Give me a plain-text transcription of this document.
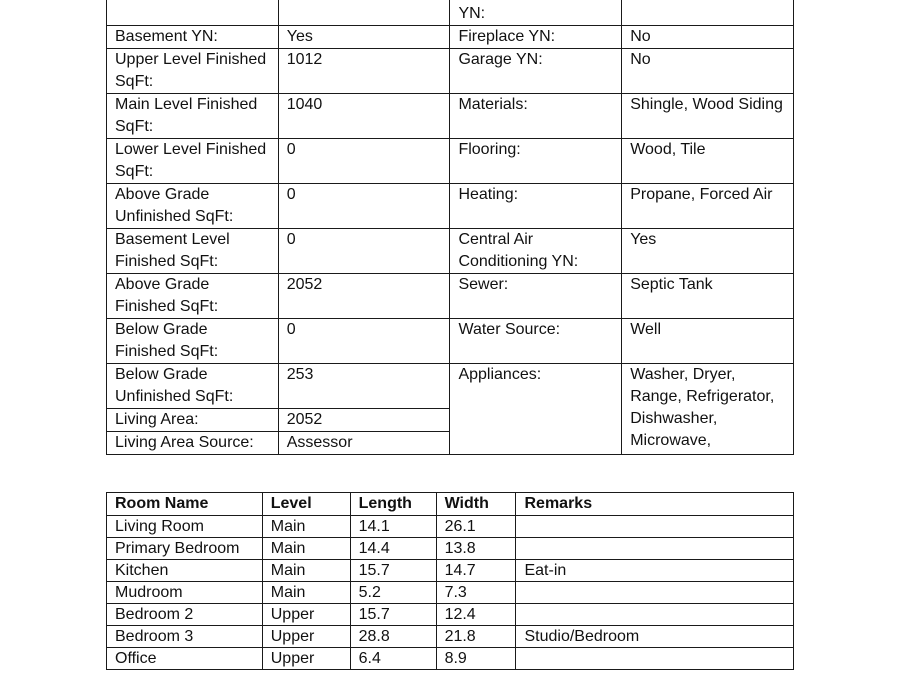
		YN:	
Basement YN:	Yes	Fireplace YN:	No
Upper Level Finished SqFt:	1012	Garage YN:	No
Main Level Finished SqFt:	1040	Materials:	Shingle, Wood Siding
Lower Level Finished SqFt:	0	Flooring:	Wood, Tile
Above Grade Unfinished SqFt:	0	Heating:	Propane, Forced Air
Basement Level Finished SqFt:	0	Central Air Conditioning YN:	Yes
Above Grade Finished SqFt:	2052	Sewer:	Septic Tank
Below Grade Finished SqFt:	0	Water Source:	Well
Below Grade Unfinished SqFt:	253	Appliances:	Washer, Dryer, Range, Refrigerator, Dishwasher, Microwave,
Living Area:	2052		
Living Area Source:	Assessor		
Room Name	Level	Length	Width	Remarks
Living Room	Main	14.1	26.1	
Primary Bedroom	Main	14.4	13.8	
Kitchen	Main	15.7	14.7	Eat-in
Mudroom	Main	5.2	7.3	
Bedroom 2	Upper	15.7	12.4	
Bedroom 3	Upper	28.8	21.8	Studio/Bedroom
Office	Upper	6.4	8.9	
